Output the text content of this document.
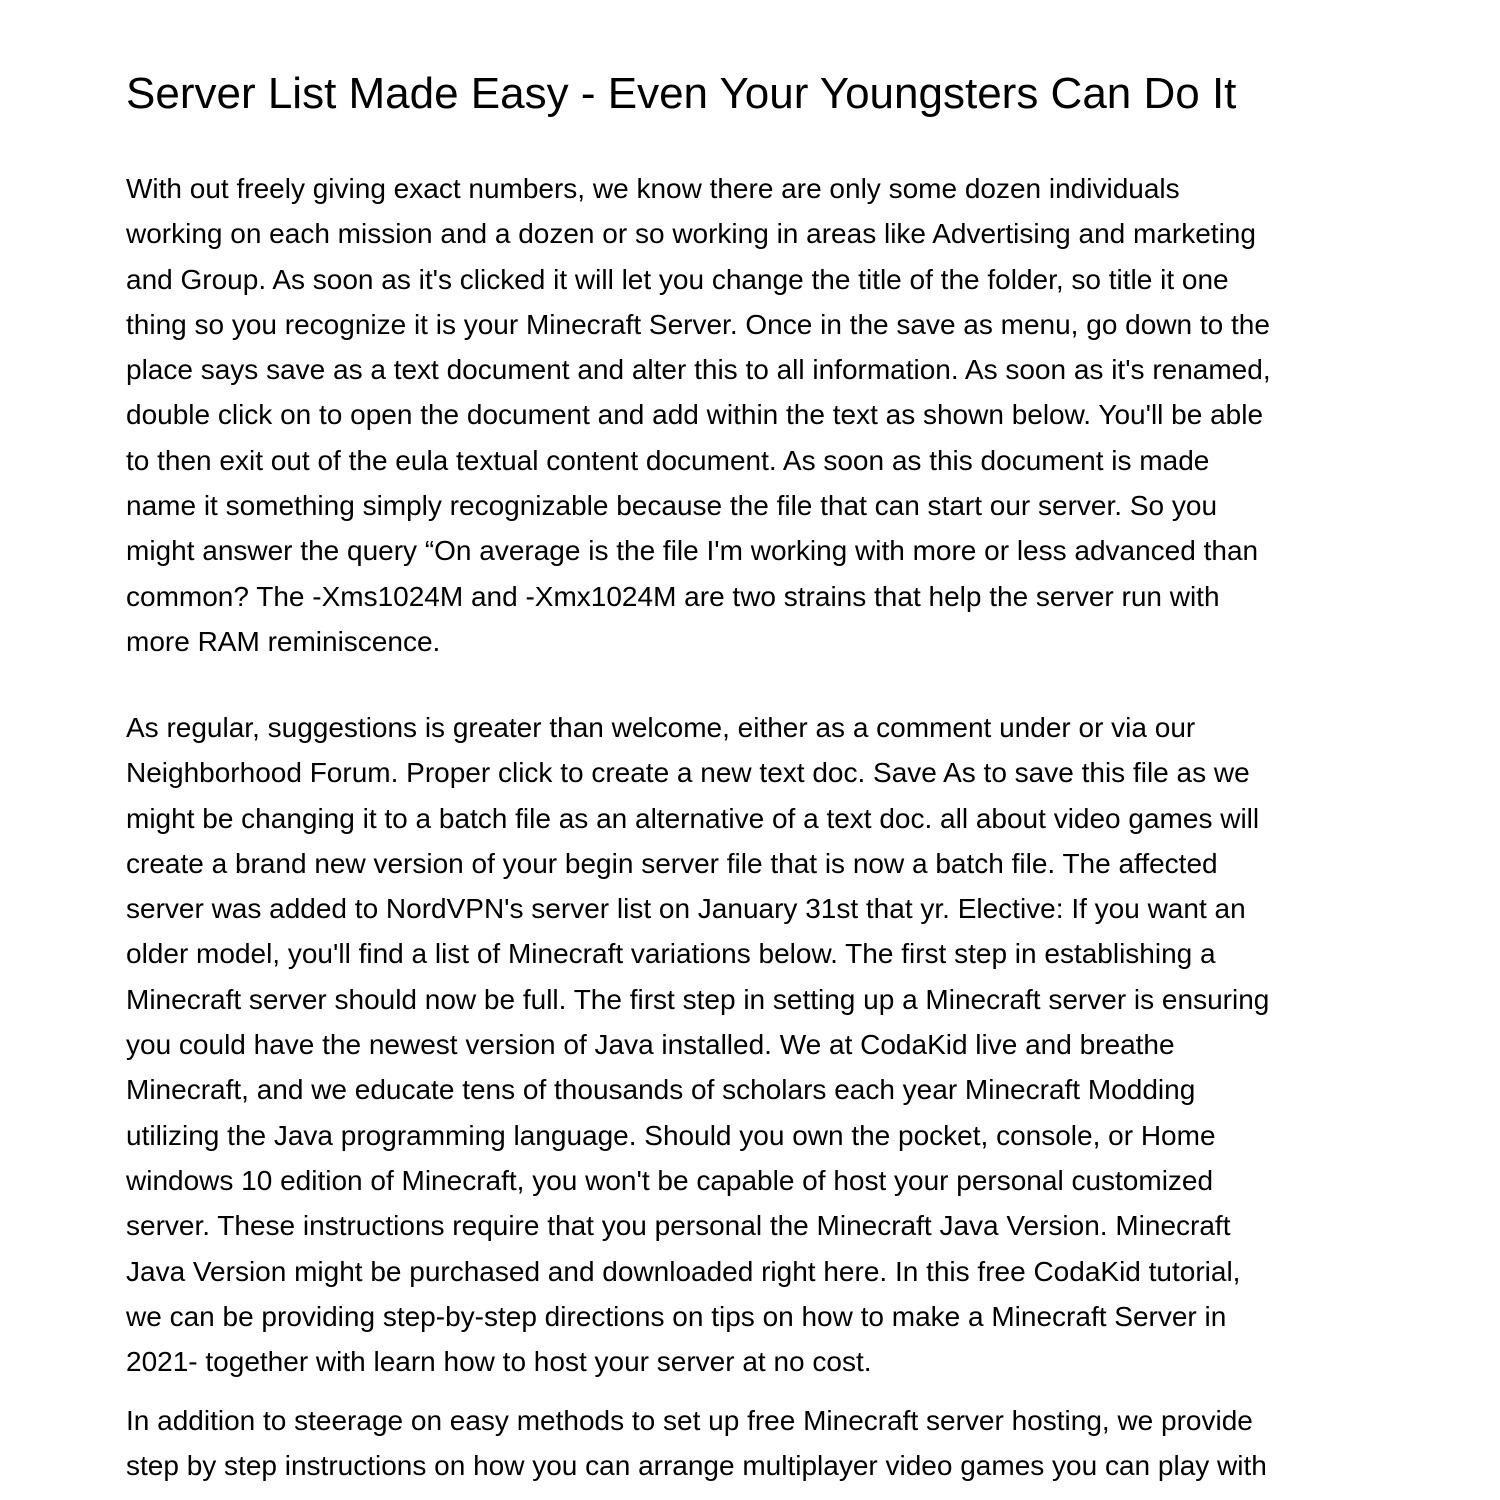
Server List Made Easy - Even Your Youngsters Can Do It

With out freely giving exact numbers, we know there are only some dozen individuals
working on each mission and a dozen or so working in areas like Advertising and marketing
and Group. As soon as it's clicked it will let you change the title of the folder, so title it one
thing so you recognize it is your Minecraft Server. Once in the save as menu, go down to the
place says save as a text document and alter this to all information. As soon as it's renamed,
double click on to open the document and add within the text as shown below. You'll be able
to then exit out of the eula textual content document. As soon as this document is made
name it something simply recognizable because the file that can start our server. So you
might answer the query “On average is the file I'm working with more or less advanced than
common? The -Xms1024M and -Xmx1024M are two strains that help the server run with
more RAM reminiscence.

As regular, suggestions is greater than welcome, either as a comment under or via our
Neighborhood Forum. Proper click to create a new text doc. Save As to save this file as we
might be changing it to a batch file as an alternative of a text doc. all about video games will
create a brand new version of your begin server file that is now a batch file. The affected
server was added to NordVPN's server list on January 31st that yr. Elective: If you want an
older model, you'll find a list of Minecraft variations below. The first step in establishing a
Minecraft server should now be full. The first step in setting up a Minecraft server is ensuring
you could have the newest version of Java installed. We at CodaKid live and breathe
Minecraft, and we educate tens of thousands of scholars each year Minecraft Modding
utilizing the Java programming language. Should you own the pocket, console, or Home
windows 10 edition of Minecraft, you won't be capable of host your personal customized
server. These instructions require that you personal the Minecraft Java Version. Minecraft
Java Version might be purchased and downloaded right here. In this free CodaKid tutorial,
we can be providing step-by-step directions on tips on how to make a Minecraft Server in
2021- together with learn how to host your server at no cost.

In addition to steerage on easy methods to set up free Minecraft server hosting, we provide
step by step instructions on how you can arrange multiplayer video games you can play with
